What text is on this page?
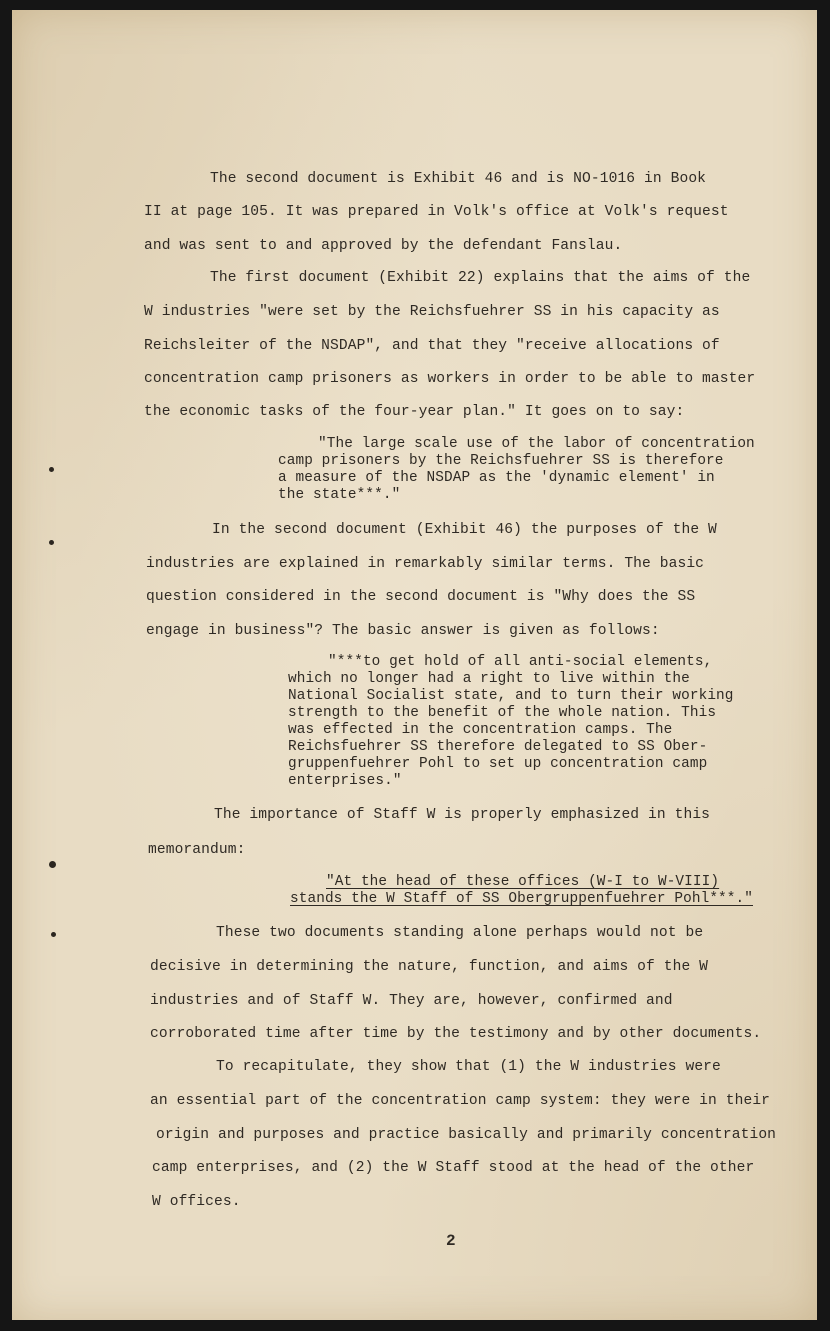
The second document is Exhibit 46 and is NO-1016 in Book

II at page 105. It was prepared in Volk's office at Volk's request

and was sent to and approved by the defendant Fanslau.

The first document (Exhibit 22) explains that the aims of the

W industries "were set by the Reichsfuehrer SS in his capacity as

Reichsleiter of the NSDAP", and that they "receive allocations of

concentration camp prisoners as workers in order to be able to master

the economic tasks of the four-year plan." It goes on to say:

"The large scale use of the labor of concentration

camp prisoners by the Reichsfuehrer SS is therefore

a measure of the NSDAP as the 'dynamic element' in

the state***."

In the second document (Exhibit 46) the purposes of the W

industries are explained in remarkably similar terms. The basic

question considered in the second document is "Why does the SS

engage in business"? The basic answer is given as follows:

"***to get hold of all anti-social elements,

which no longer had a right to live within the

National Socialist state, and to turn their working

strength to the benefit of the whole nation. This

was effected in the concentration camps. The

Reichsfuehrer SS therefore delegated to SS Ober-

gruppenfuehrer Pohl to set up concentration camp

enterprises."

The importance of Staff W is properly emphasized in this

memorandum:

"At the head of these offices (W-I to W-VIII)

stands the W Staff of SS Obergruppenfuehrer Pohl***."

These two documents standing alone perhaps would not be

decisive in determining the nature, function, and aims of the W

industries and of Staff W. They are, however, confirmed and

corroborated time after time by the testimony and by other documents.

To recapitulate, they show that (1) the W industries were

an essential part of the concentration camp system: they were in their

origin and purposes and practice basically and primarily concentration

camp enterprises, and (2) the W Staff stood at the head of the other

W offices.

2
